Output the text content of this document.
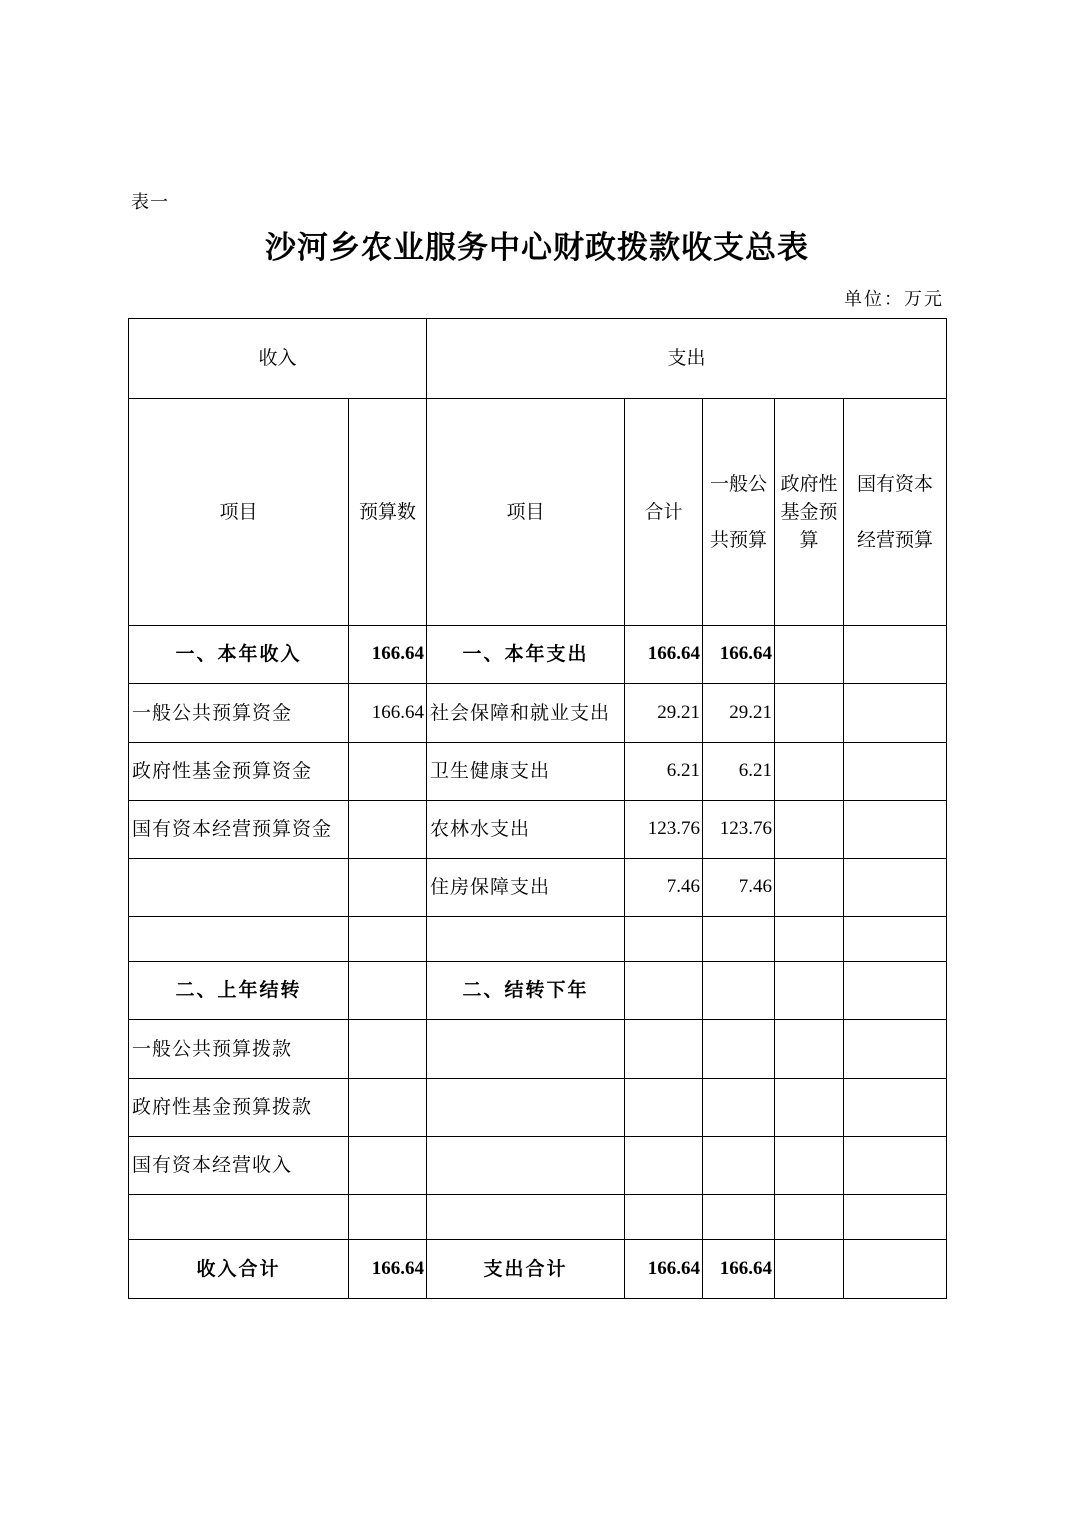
表一
沙河乡农业服务中心财政拨款收支总表
单位：万元
收入		支出				
项目	预算数	项目	合计	一般公共预算	政府性基金预算	国有资本经营预算
一、本年收入	166.64	一、本年支出	166.64	166.64		
一般公共预算资金	166.64	社会保障和就业支出	29.21	29.21		
政府性基金预算资金		卫生健康支出	6.21	6.21		
国有资本经营预算资金		农林水支出	123.76	123.76		
		住房保障支出	7.46	7.46		

二、上年结转		二、结转下年				
一般公共预算拨款						
政府性基金预算拨款						
国有资本经营收入						

收入合计	166.64	支出合计	166.64	166.64		
